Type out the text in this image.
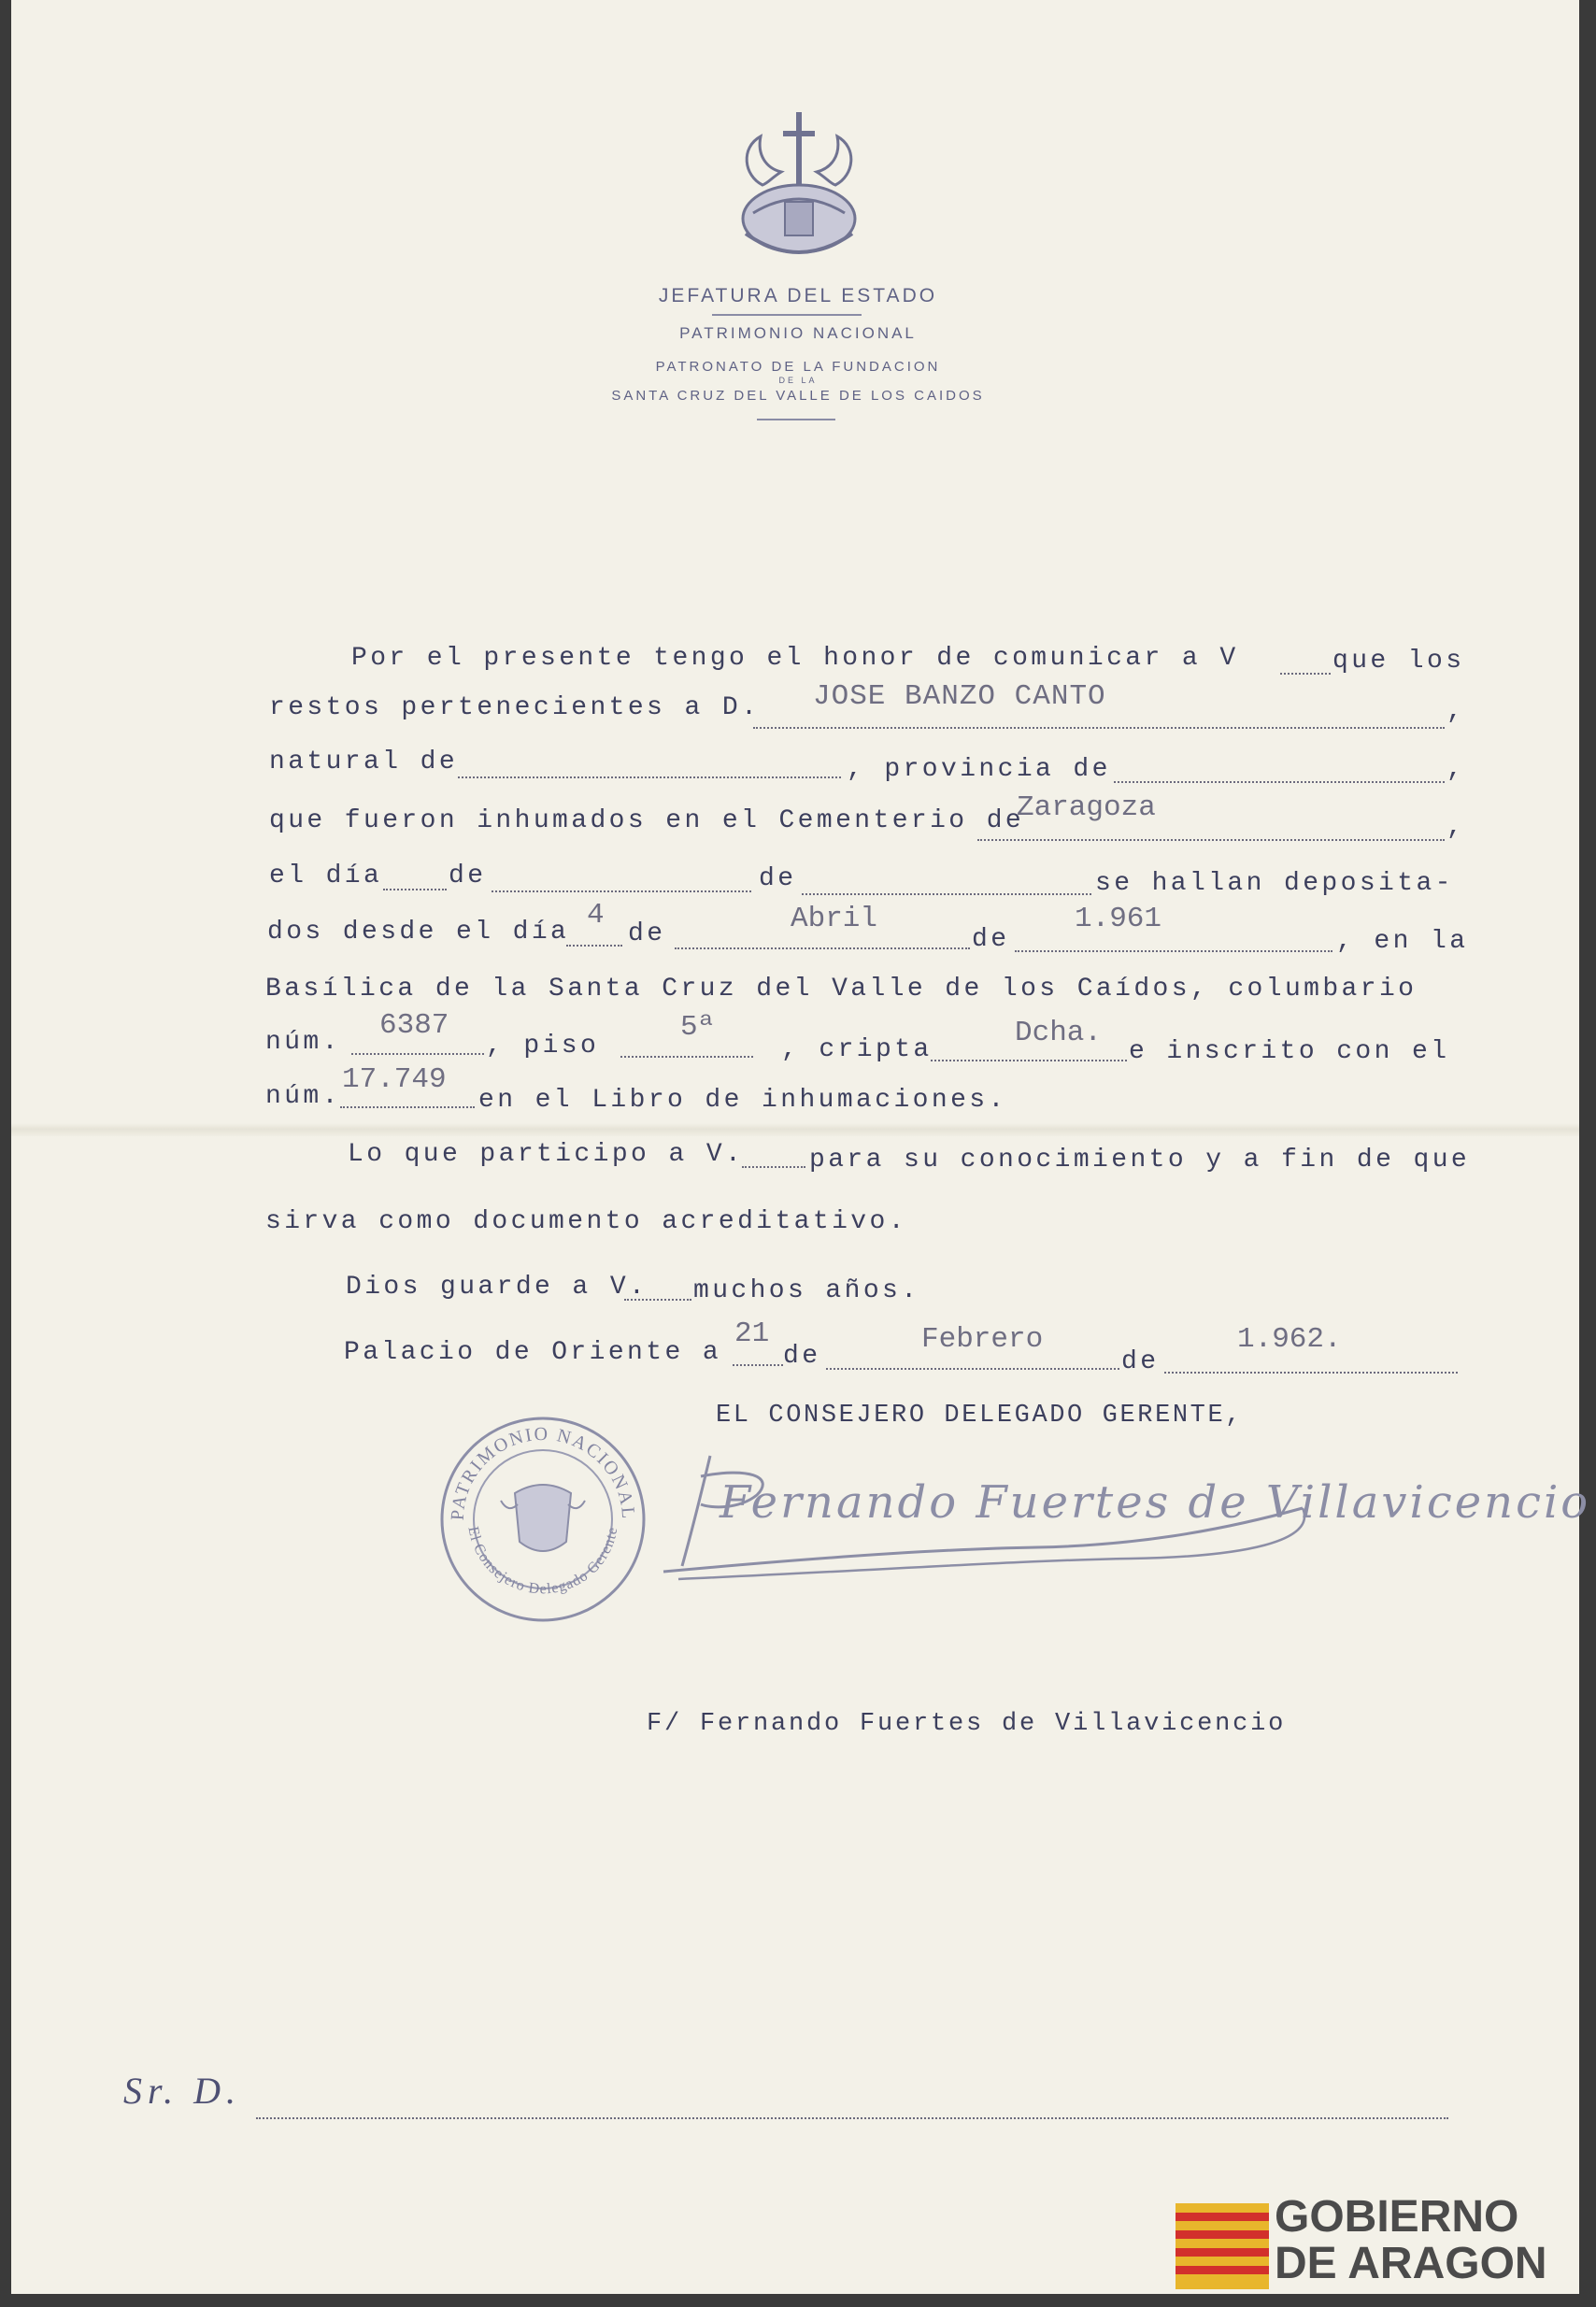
JEFATURA DEL ESTADO
PATRIMONIO NACIONAL
PATRONATO DE LA FUNDACION
DE LA
SANTA CRUZ DEL VALLE DE LOS CAIDOS
Por el presente tengo el honor de comunicar a V	que los
restos pertenecientes a D. JOSE BANZO CANTO	,
natural de	, provincia de	,
que fueron inhumados en el Cementerio de
Zaragoza
,
el día	de	de	se hallan deposita-
dos desde el día
4
de	Abril
de
1.961
, en la
Basílica de la Santa Cruz del Valle de los Caídos, columbario
núm.
6387
, piso
5ª
, cripta
Dcha.
e inscrito con el
núm.
17.749
en el Libro de inhumaciones.
Lo que participo a V. para su conocimiento y a fin de que
sirva como documento acreditativo.
Dios guarde a V. muchos años.
Palacio de Oriente a
21
de
Febrero
de
1.962.
EL CONSEJERO DELEGADO GERENTE,
PATRIMONIO NACIONAL
El Consejero Delegado Gerente
Fernando Fuertes de Villavicencio
F/ Fernando Fuertes de Villavicencio
Sr. D.
GOBIERNO
DE ARAGON
